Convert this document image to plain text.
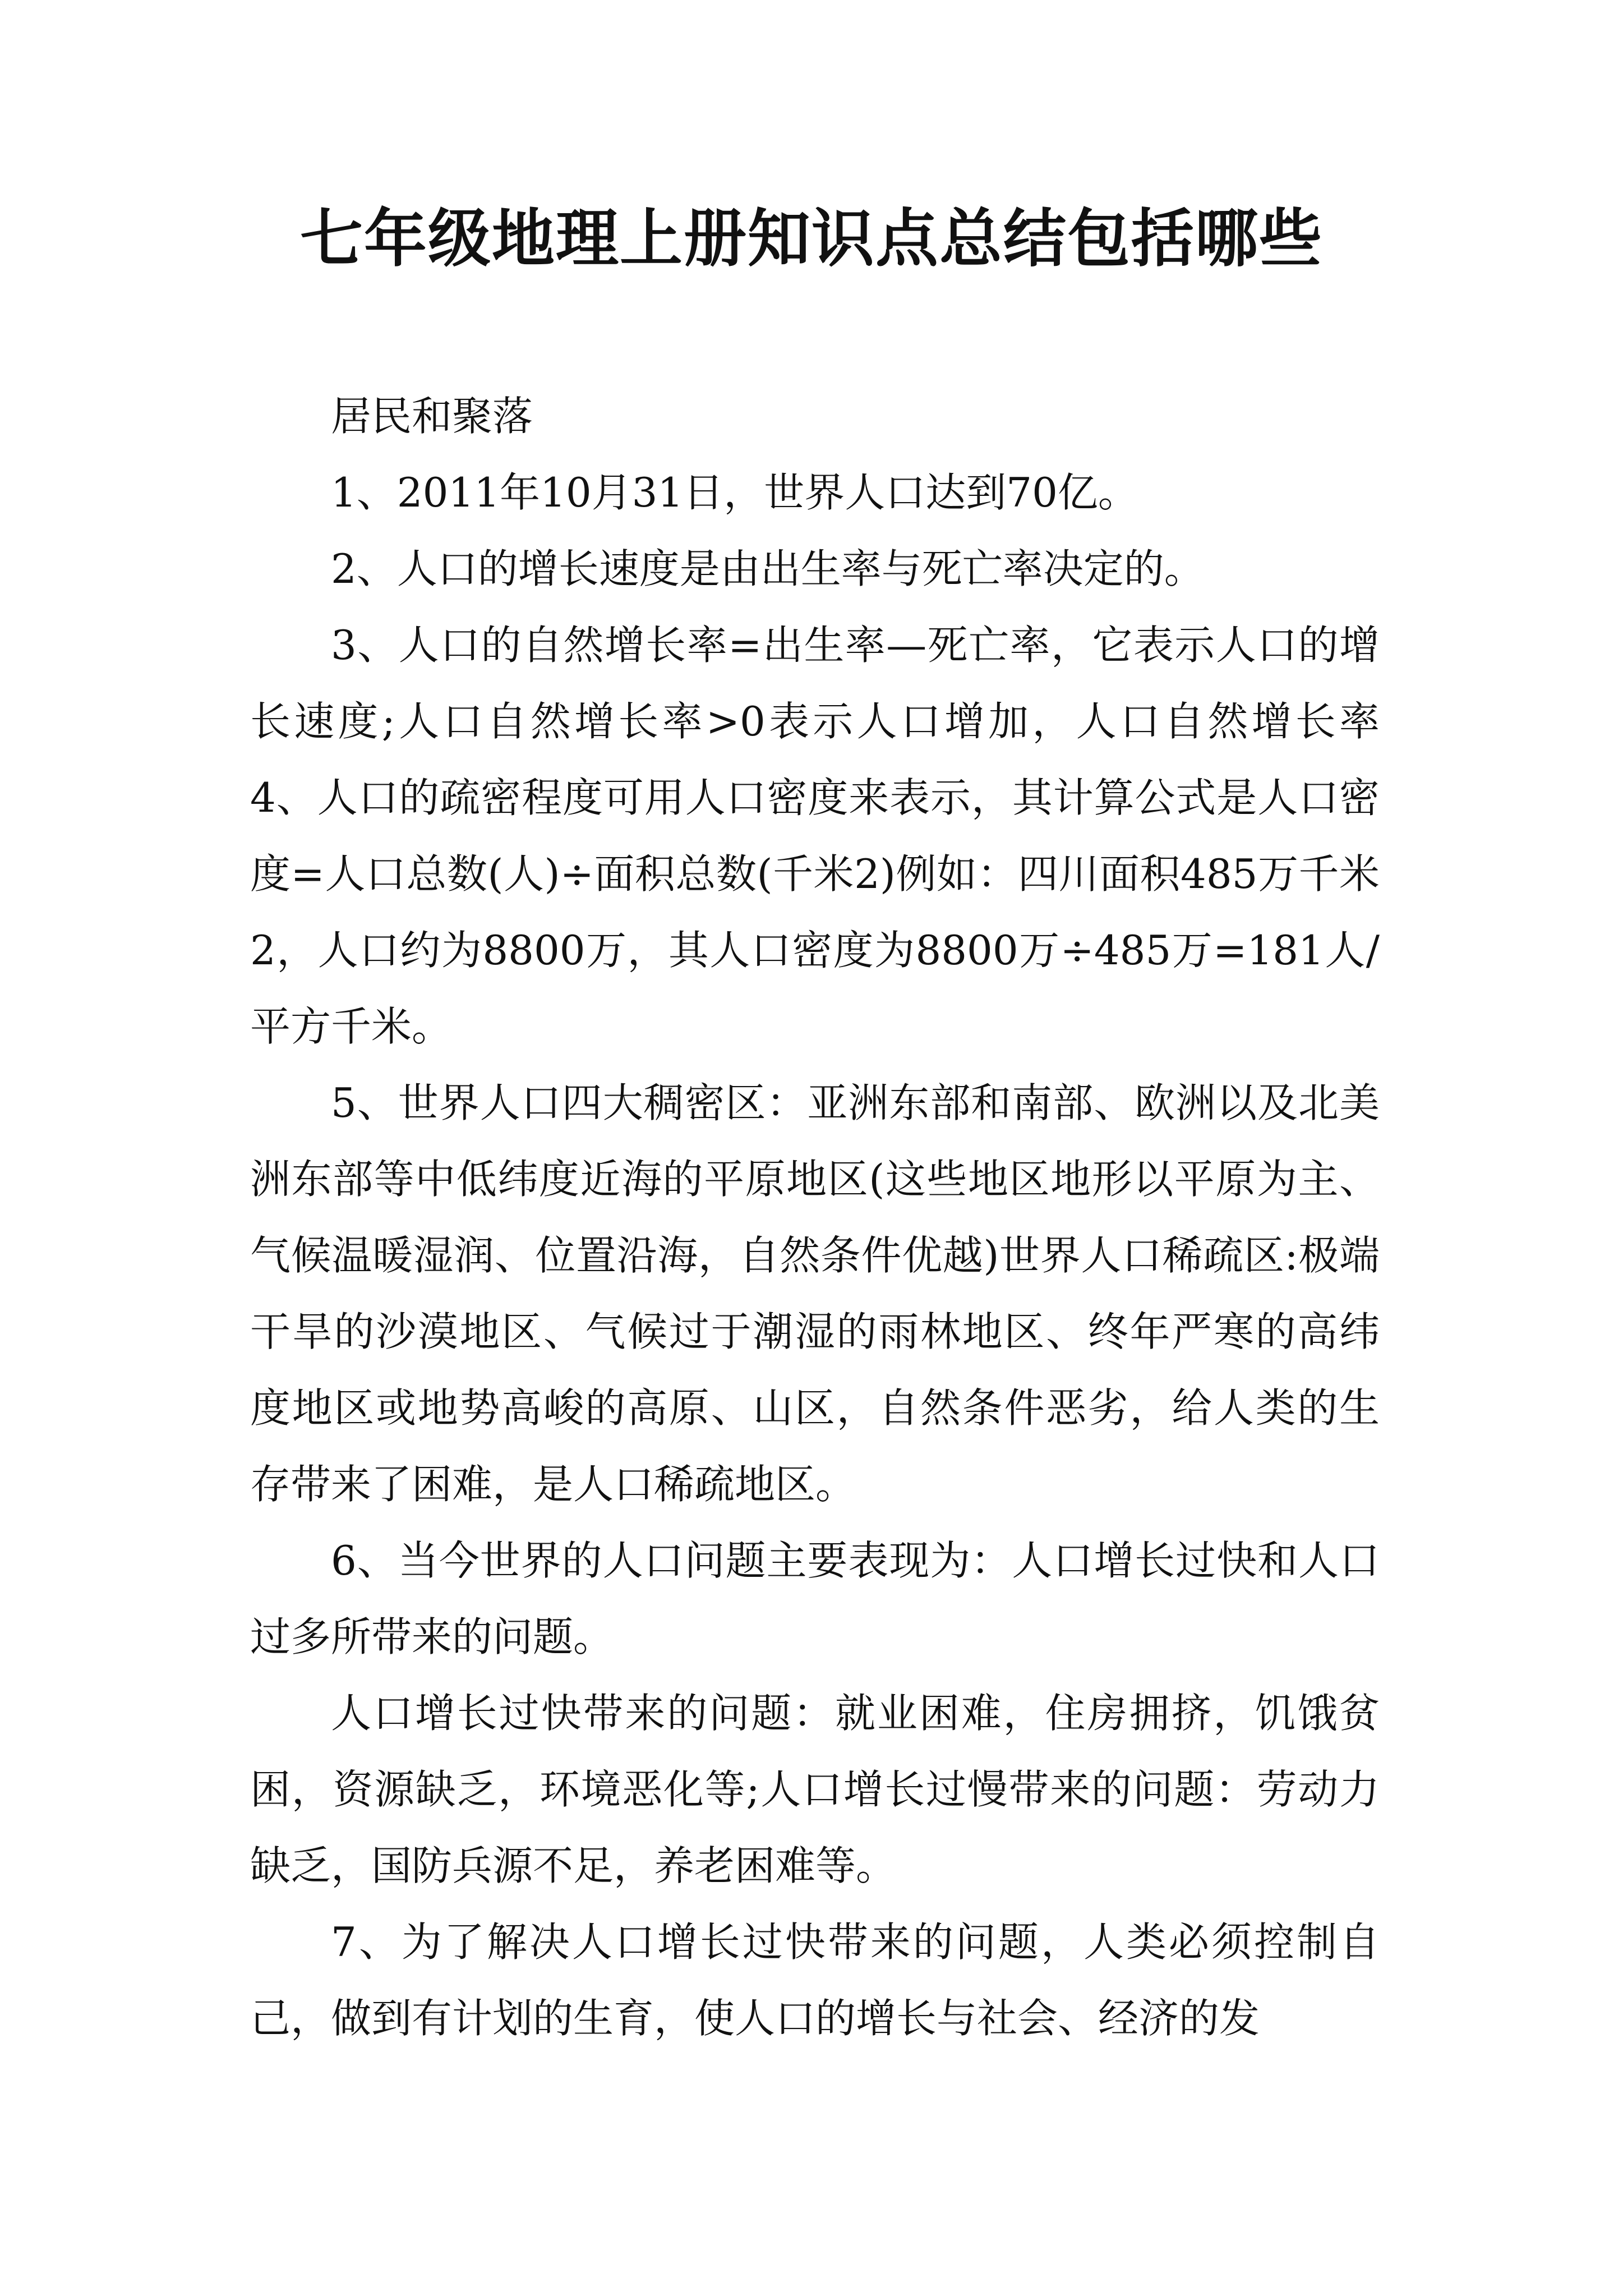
七年级地理上册知识点总结包括哪些

居民和聚落

1、2011年10月31日，世界人口达到70亿。

2、人口的增长速度是由出生率与死亡率决定的。

3、人口的自然增长率=出生率—死亡率，它表示人口的增长速度;人口自然增长率>0表示人口增加，人口自然增长率　　4、人口的疏密程度可用人口密度来表示，其计算公式是人口密度=人口总数(人)÷面积总数(千米2)例如：四川面积485万千米2，人口约为8800万，其人口密度为8800万÷485万=181人/平方千米。

5、世界人口四大稠密区：亚洲东部和南部、欧洲以及北美洲东部等中低纬度近海的平原地区(这些地区地形以平原为主、气候温暖湿润、位置沿海，自然条件优越)世界人口稀疏区:极端干旱的沙漠地区、气候过于潮湿的雨林地区、终年严寒的高纬度地区或地势高峻的高原、山区，自然条件恶劣，给人类的生存带来了困难，是人口稀疏地区。

6、当今世界的人口问题主要表现为：人口增长过快和人口过多所带来的问题。

人口增长过快带来的问题：就业困难，住房拥挤，饥饿贫困，资源缺乏，环境恶化等;人口增长过慢带来的问题：劳动力缺乏，国防兵源不足，养老困难等。

7、为了解决人口增长过快带来的问题，人类必须控制自己，做到有计划的生育，使人口的增长与社会、经济的发
